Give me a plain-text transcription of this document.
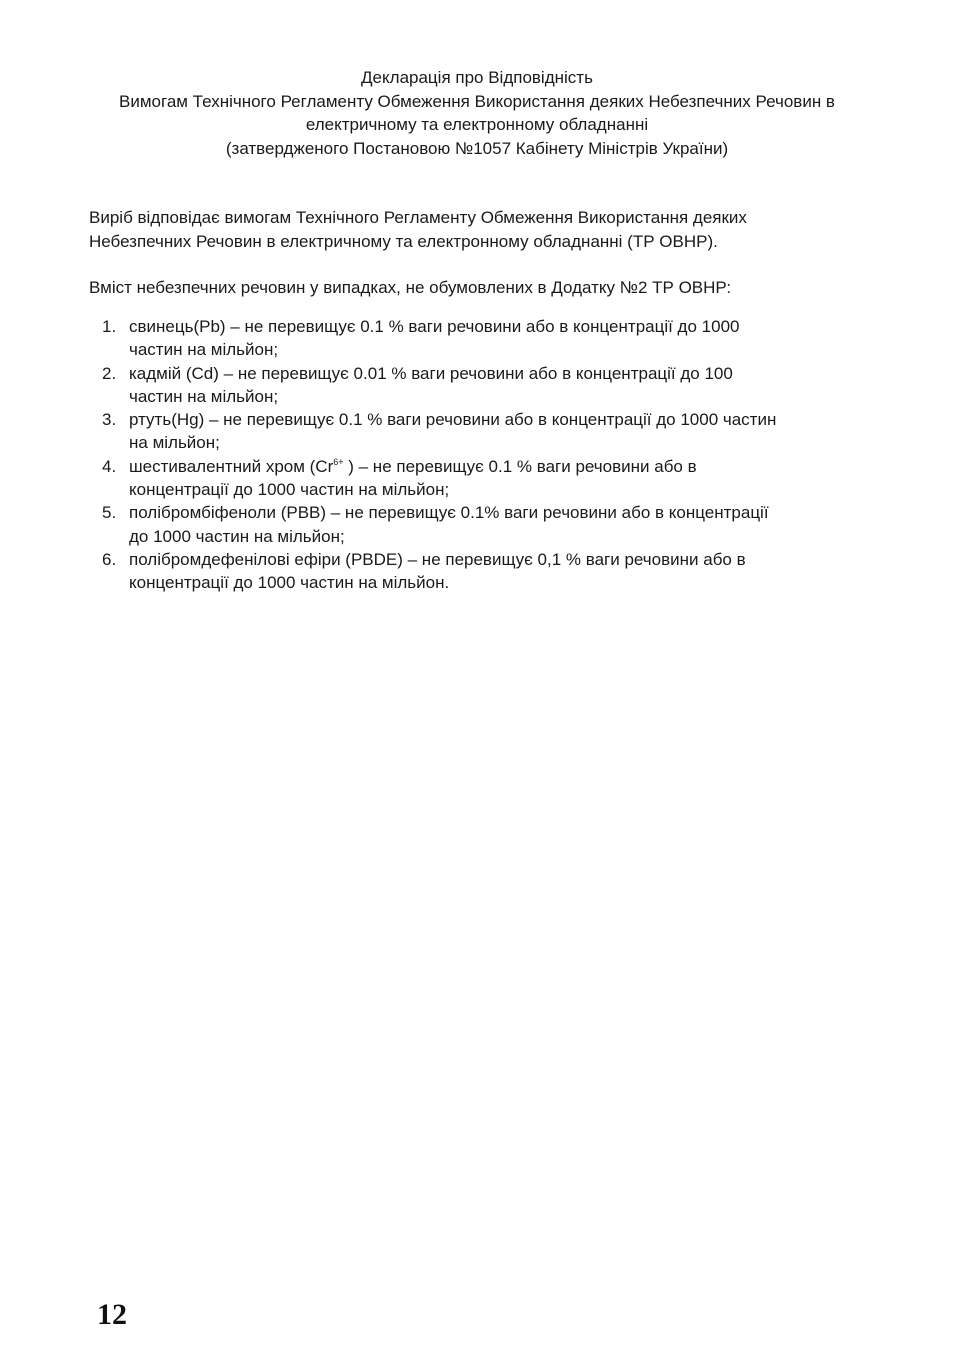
Декларація про Відповідність
Вимогам Технічного Регламенту Обмеження Використання деяких Небезпечних Речовин в
електричному та електронному обладнанні
(затвердженого Постановою №1057 Кабінету Міністрів України)
Виріб відповідає вимогам Технічного Регламенту Обмеження Використання деяких
Небезпечних Речовин в електричному та електронному обладнанні (ТР ОВНР).
Вміст небезпечних речовин у випадках, не обумовлених в Додатку №2 ТР ОВНР:
1. свинець(Pb) – не перевищує 0.1 % ваги речовини або в концентрації до 1000
частин на мільйон;
2. кадмій (Cd) – не перевищує 0.01 % ваги речовини або в концентрації до 100
частин на мільйон;
3. ртуть(Hg) – не перевищує 0.1 % ваги речовини або в концентрації до 1000 частин
на мільйон;
4. шестивалентний хром ($Cr^{6+}$ ) – не перевищує 0.1 % ваги речовини або в
концентрації до 1000 частин на мільйон;
5. полібромбіфеноли (PBB) – не перевищує 0.1% ваги речовини або в концентрації
до 1000 частин на мільйон;
6. полібромдефенілові ефіри (PBDE) – не перевищує 0,1 % ваги речовини або в
концентрації до 1000 частин на мільйон.
12
